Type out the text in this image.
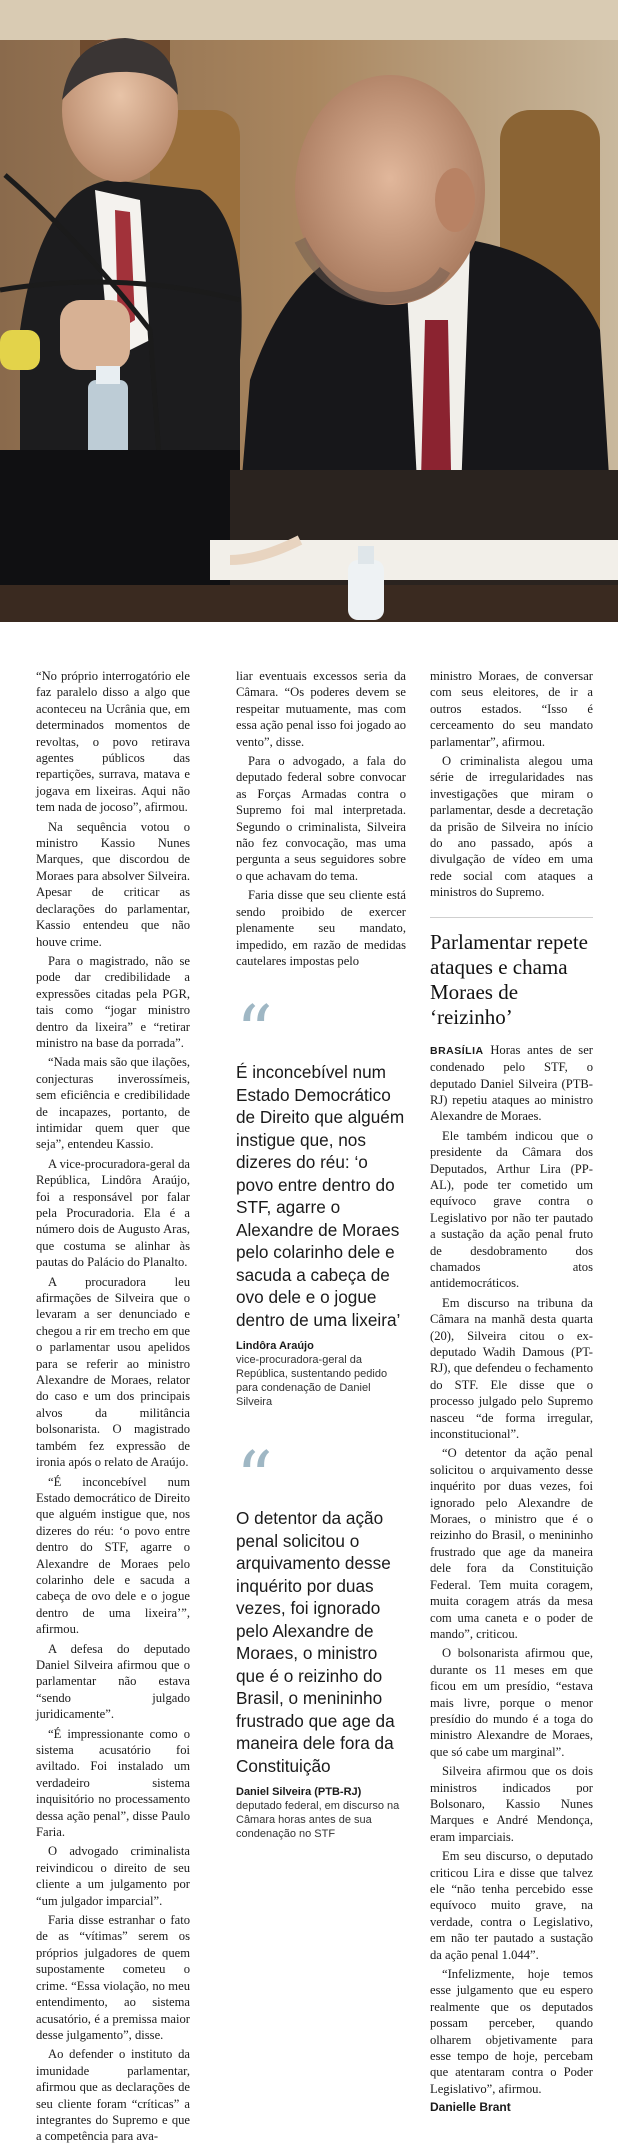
“No próprio interrogatório ele faz paralelo disso a algo que aconteceu na Ucrânia que, em determinados momentos de revoltas, o povo retirava agentes públicos das repartições, surrava, matava e jogava em lixeiras. Aqui não tem nada de jocoso”, afirmou.

Na sequência votou o ministro Kassio Nunes Marques, que discordou de Moraes para absolver Silveira. Apesar de criticar as declarações do parlamentar, Kassio entendeu que não houve crime.

Para o magistrado, não se pode dar credibilidade a expressões citadas pela PGR, tais como “jogar ministro dentro da lixeira” e “retirar ministro na base da porrada”.

“Nada mais são que ilações, conjecturas inverossímeis, sem eficiência e credibilidade de incapazes, portanto, de intimidar quem quer que seja”, entendeu Kassio.

A vice-procuradora-geral da República, Lindôra Araújo, foi a responsável por falar pela Procuradoria. Ela é a número dois de Augusto Aras, que costuma se alinhar às pautas do Palácio do Planalto.

A procuradora leu afirmações de Silveira que o levaram a ser denunciado e chegou a rir em trecho em que o parlamentar usou apelidos para se referir ao ministro Alexandre de Moraes, relator do caso e um dos principais alvos da militância bolsonarista. O magistrado também fez expressão de ironia após o relato de Araújo.

“É inconcebível num Estado democrático de Direito que alguém instigue que, nos dizeres do réu: ‘o povo entre dentro do STF, agarre o Alexandre de Moraes pelo colarinho dele e sacuda a cabeça de ovo dele e o jogue dentro de uma lixeira’”, afirmou.

A defesa do deputado Daniel Silveira afirmou que o parlamentar não estava “sendo julgado juridicamente”.

“É impressionante como o sistema acusatório foi aviltado. Foi instalado um verdadeiro sistema inquisitório no processamento dessa ação penal”, disse Paulo Faria.

O advogado criminalista reivindicou o direito de seu cliente a um julgamento por “um julgador imparcial”.

Faria disse estranhar o fato de as “vítimas” serem os próprios julgadores de quem supostamente cometeu o crime. “Essa violação, no meu entendimento, ao sistema acusatório, é a premissa maior desse julgamento”, disse.

Ao defender o instituto da imunidade parlamentar, afirmou que as declarações de seu cliente foram “críticas” a integrantes do Supremo e que a competência para ava-

liar eventuais excessos seria da Câmara. “Os poderes devem se respeitar mutuamente, mas com essa ação penal isso foi jogado ao vento”, disse.

Para o advogado, a fala do deputado federal sobre convocar as Forças Armadas contra o Supremo foi mal interpretada. Segundo o criminalista, Silveira não fez convocação, mas uma pergunta a seus seguidores sobre o que achavam do tema.

Faria disse que seu cliente está sendo proibido de exercer plenamente seu mandato, impedido, em razão de medidas cautelares impostas pelo

“

É inconcebível num Estado Democrático de Direito que alguém instigue que, nos dizeres do réu: ‘o povo entre dentro do STF, agarre o Alexandre de Moraes pelo colarinho dele e sacuda a cabeça de ovo dele e o jogue dentro de uma lixeira’

Lindôra Araújo

vice-procuradora-geral da República, sustentando pedido para condenação de Daniel Silveira

“

O detentor da ação penal solicitou o arquivamento desse inquérito por duas vezes, foi ignorado pelo Alexandre de Moraes, o ministro que é o reizinho do Brasil, o menininho frustrado que age da maneira dele fora da Constituição

Daniel Silveira (PTB-RJ)

deputado federal, em discurso na Câmara horas antes de sua condenação no STF

ministro Moraes, de conversar com seus eleitores, de ir a outros estados. “Isso é cerceamento do seu mandato parlamentar”, afirmou.

O criminalista alegou uma série de irregularidades nas investigações que miram o parlamentar, desde a decretação da prisão de Silveira no início do ano passado, após a divulgação de vídeo em uma rede social com ataques a ministros do Supremo.

Parlamentar repete ataques e chama Moraes de ‘reizinho’

BRASÍLIA Horas antes de ser condenado pelo STF, o deputado Daniel Silveira (PTB-RJ) repetiu ataques ao ministro Alexandre de Moraes.

Ele também indicou que o presidente da Câmara dos Deputados, Arthur Lira (PP-AL), pode ter cometido um equívoco grave contra o Legislativo por não ter pautado a sustação da ação penal fruto de desdobramento dos chamados atos antidemocráticos.

Em discurso na tribuna da Câmara na manhã desta quarta (20), Silveira citou o ex-deputado Wadih Damous (PT-RJ), que defendeu o fechamento do STF. Ele disse que o processo julgado pelo Supremo nasceu “de forma irregular, inconstitucional”.

“O detentor da ação penal solicitou o arquivamento desse inquérito por duas vezes, foi ignorado pelo Alexandre de Moraes, o ministro que é o reizinho do Brasil, o menininho frustrado que age da maneira dele fora da Constituição Federal. Tem muita coragem, muita coragem atrás da mesa com uma caneta e o poder de mando”, criticou.

O bolsonarista afirmou que, durante os 11 meses em que ficou em um presídio, “estava mais livre, porque o menor presídio do mundo é a toga do ministro Alexandre de Moraes, que só cabe um marginal”.

Silveira afirmou que os dois ministros indicados por Bolsonaro, Kassio Nunes Marques e André Mendonça, eram imparciais.

Em seu discurso, o deputado criticou Lira e disse que talvez ele “não tenha percebido esse equívoco muito grave, na verdade, contra o Legislativo, em não ter pautado a sustação da ação penal 1.044”.

“Infelizmente, hoje temos esse julgamento que eu espero realmente que os deputados possam perceber, quando olharem objetivamente para esse tempo de hoje, percebam que atentaram contra o Poder Legislativo”, afirmou.

Danielle Brant
